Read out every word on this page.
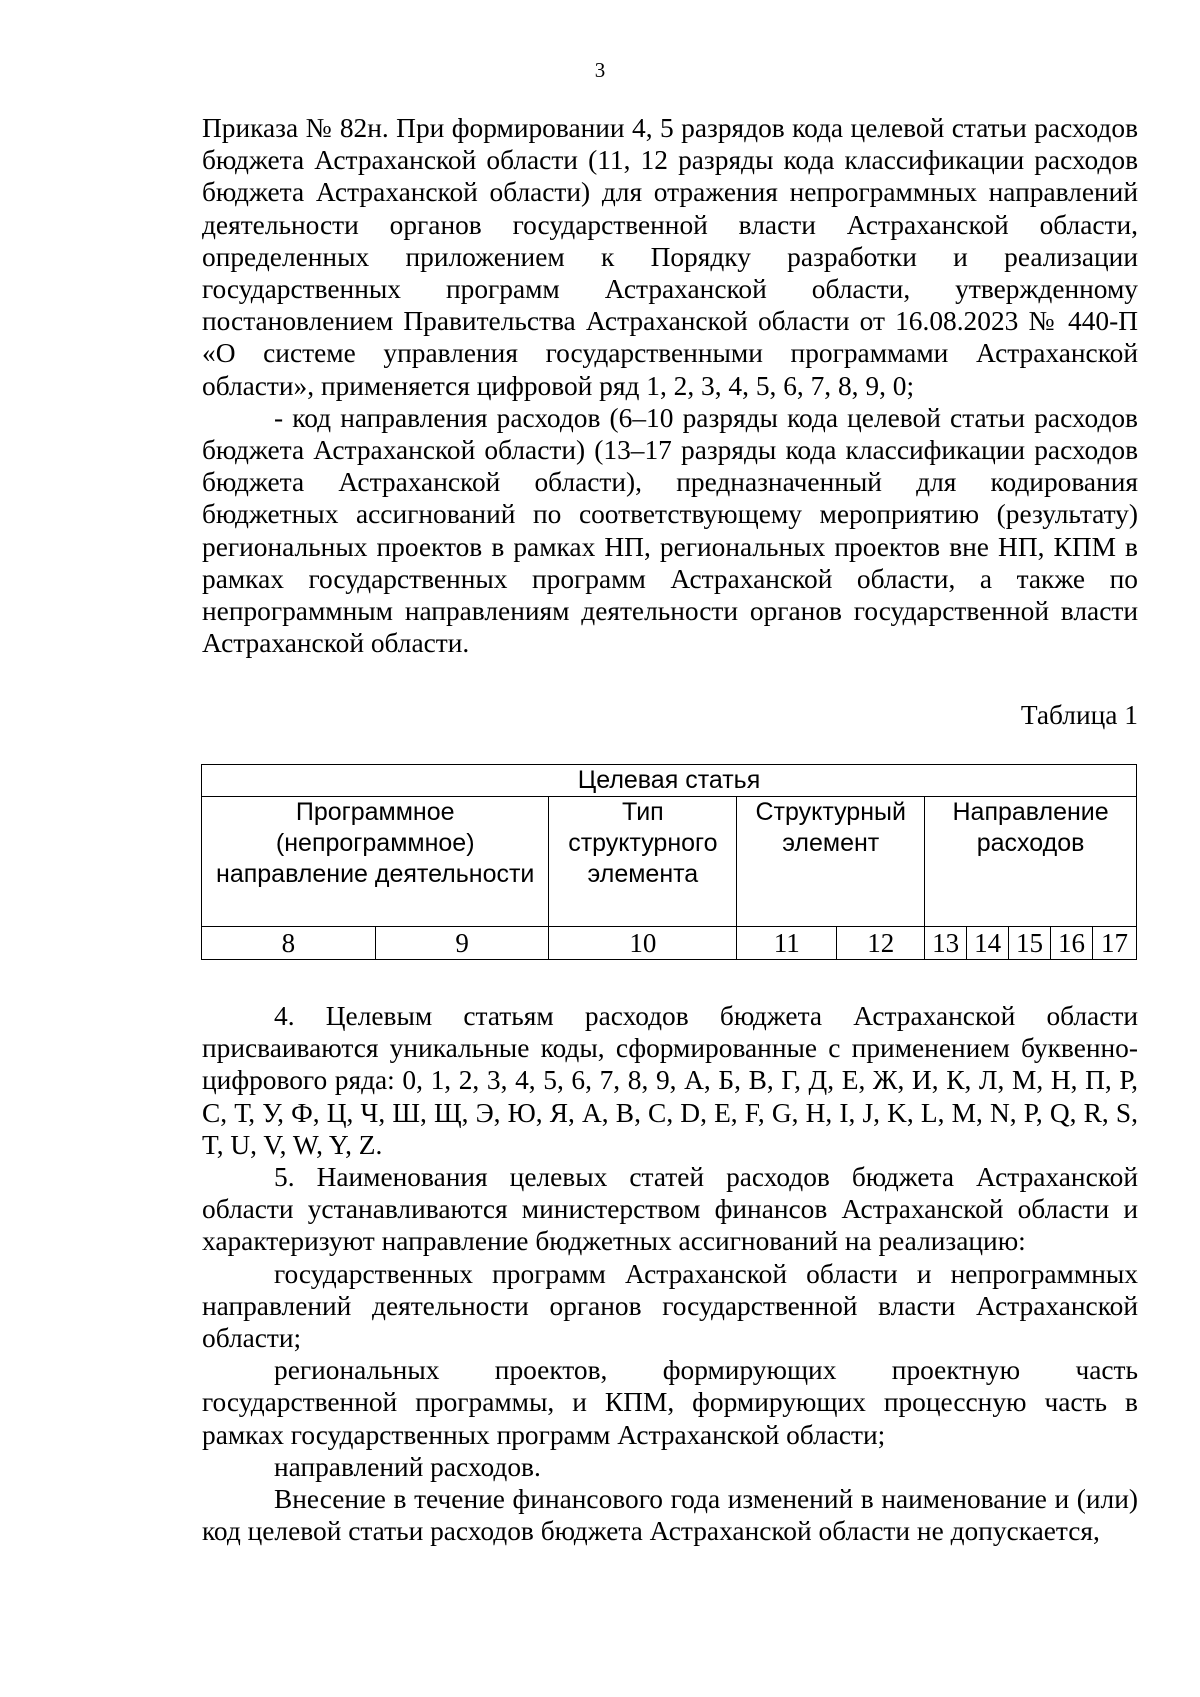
3

Приказа № 82н. При формировании 4, 5 разрядов кода целевой статьи расходов бюджета Астраханской области (11, 12 разряды кода классификации расходов бюджета Астраханской области) для отражения непрограммных направлений деятельности органов государственной власти Астраханской области, определенных приложением к Порядку разработки и реализации государственных программ Астраханской области, утвержденному постановлением Правительства Астраханской области от 16.08.2023 № 440-П «О системе управления государственными программами Астраханской области», применяется цифровой ряд 1, 2, 3, 4, 5, 6, 7, 8, 9, 0;

- код направления расходов (6–10 разряды кода целевой статьи расходов бюджета Астраханской области) (13–17 разряды кода классификации расходов бюджета Астраханской области), предназначенный для кодирования бюджетных ассигнований по соответствующему мероприятию (результату) региональных проектов в рамках НП, региональных проектов вне НП, КПМ в рамках государственных программ Астраханской области, а также по непрограммным направлениям деятельности органов государственной власти Астраханской области.

Таблица 1
Целевая статья									
Программное (непрограммное) направление деятельности		Тип структурного элемента	Структурный элемент		Направление расходов				
8	9	10	11	12	13	14	15	16	17

4. Целевым статьям расходов бюджета Астраханской области присваиваются уникальные коды, сформированные с применением буквенно-цифрового ряда: 0, 1, 2, 3, 4, 5, 6, 7, 8, 9, А, Б, В, Г, Д, Е, Ж, И, К, Л, М, Н, П, Р, С, Т, У, Ф, Ц, Ч, Ш, Щ, Э, Ю, Я, A, B, C, D, E, F, G, H, I, J, K, L, M, N, P, Q, R, S, T, U, V, W, Y, Z.

5. Наименования целевых статей расходов бюджета Астраханской области устанавливаются министерством финансов Астраханской области и характеризуют направление бюджетных ассигнований на реализацию:

государственных программ Астраханской области и непрограммных направлений деятельности органов государственной власти Астраханской области;

региональных проектов, формирующих проектную часть государственной программы, и КПМ, формирующих процессную часть в рамках государственных программ Астраханской области;

направлений расходов.

Внесение в течение финансового года изменений в наименование и (или) код целевой статьи расходов бюджета Астраханской области не допускается,
